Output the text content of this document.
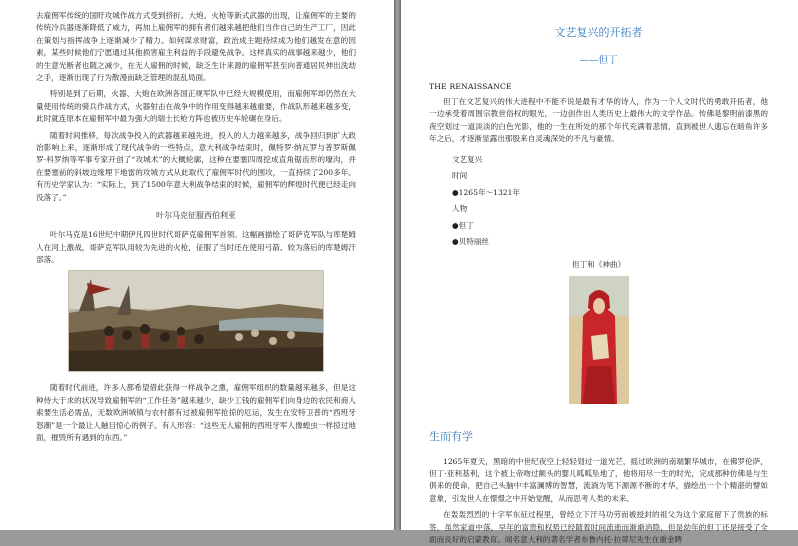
去雇佣军传统的国盱攻城作战方式受到挤折。大炮、火枪等新式武器的出现，让雇佣军的主要的传统冷兵器逐渐降低了威力，再加上雇佣军的拥有者们越来越把他们当作自己的生产工厂，因此在策划与指挥战争上逐渐减少了精力。如何谋求财富，政治成主题持续成为他们越发在意的因素，某些时候他们宁愿通过其他损害雇主利益的手段避免战争。这样真实的战事越来越少，他们的生意光断者也随之减少，在无人雇佣的时候，缺乏生计来源的雇佣军甚至向普通居民伸出洗劫之手，逐渐出现了行为散漫而缺乏管理的混乱局面。

特别是到了后期，火器、大炮在欧洲各国正规军队中已经大规模使用，而雇佣军却仍然在大量使用传统的骑兵作战方式，火器射击在战争中的作用变得越来越重要，作战队形越来越多变，此时就连原本在雇佣军中最为强大的瑞士长枪方阵也被历史车轮碾在身后。

随着时间推移，每次战争投入的武器越来越先进，投入的人力越来越多，战争回归到扩大政治影响上来，逐渐形成了现代战争的一些特点，意大利战争结束时，佩特罗·纳瓦罗与普罗斯佩罗·科罗纳等军事专家开创了“攻城术”的大概轮廓，这种在要塞四周挖成直角锯齿形的壕沟，并在要塞前的斜坡边缘埋下地雷的攻城方式从此取代了雇佣军时代的围攻，一直持续了200多年。有历史学家认为：“实际上，到了1500年意大利战争结束的时候，雇佣军的辉煌时代便已经走向没落了。”

叶尔马克征服西伯利亚

叶尔马克是16世纪中期伊凡四世时代哥萨克雇佣军首领。这幅画描绘了哥萨克军队与库楚姆人在河上激战，哥萨克军队用较为先进的火枪，征服了当时还在使用弓箭、较为落后的库楚姆汗部落。

随着时代前进，许多人都希望借此获得一样战争之熏，雇佣军组织的数量越来越多，但是这种侍大于求的状况导致雇佣军的“工作任务”越来越少，缺少工钱的雇佣军们向身边的农民和商人索要生活必需品，无数欧洲城镇与农村都有过被雇佣军抢掠的厄运，发生在安特卫普的“西班牙怒潮”是一个最让人触目惊心的例子。有人形容：“这些无人雇佣的西班牙军人像蝗虫一样掠过地面，摧毁所有遇到的东西。”

文艺复兴的开拓者
——但丁
THE RENAISSANCE

但丁在文艺复兴的伟大进程中不能不说是最有才华的诗人，作为一个人文时代的勇敢开拓者，他一边承受着周围宗教世俗权的眼光，一边创作出人类历史上最伟大的文学作品。传佛是黎明前漆黑的夜空划过一道淡淡的白色光影，他的一生在所处的那个年代充满着悲情，直到被世人遗忘在暗角许多年之后，才逐渐显露出那股来自灵魂深处的不凡与豪情。

文艺复兴
时间
●1265年～1321年
人物
●但丁
●贝特丽丝
但丁和《神曲》
生而有学

1265年夏天，黑暗的中世纪夜空上轻轻划过一道光芒，摇过欧洲的南端繁华城市，在佛罗伦萨，但丁·亚利基利，这个被上帝吻过额头的婴儿呱呱坠地了，他将用尽一生的时光，完成那种仿佛是与生俱来的使命，把自己头脑中丰富澜博的智慧，流淌为笔下源源不断的才华，描绘出一个个精湛的譬如意象，引发世人在憬憬之中开始觉醒，从而思考人类的未来。

在轰轰烈烈的十字军东征过程里，曾经立下汗马功劳而被授封的祖父为这个家庭留下了贵族的标签，虽然家道中落，早年的富贵和权势已经随着时间流逝而渐渐消隐，但是幼年的但丁还是接受了全面而良好的启蒙教育。闻名意大利的著名学者布鲁内托·拉蒂尼先生在重金聘
